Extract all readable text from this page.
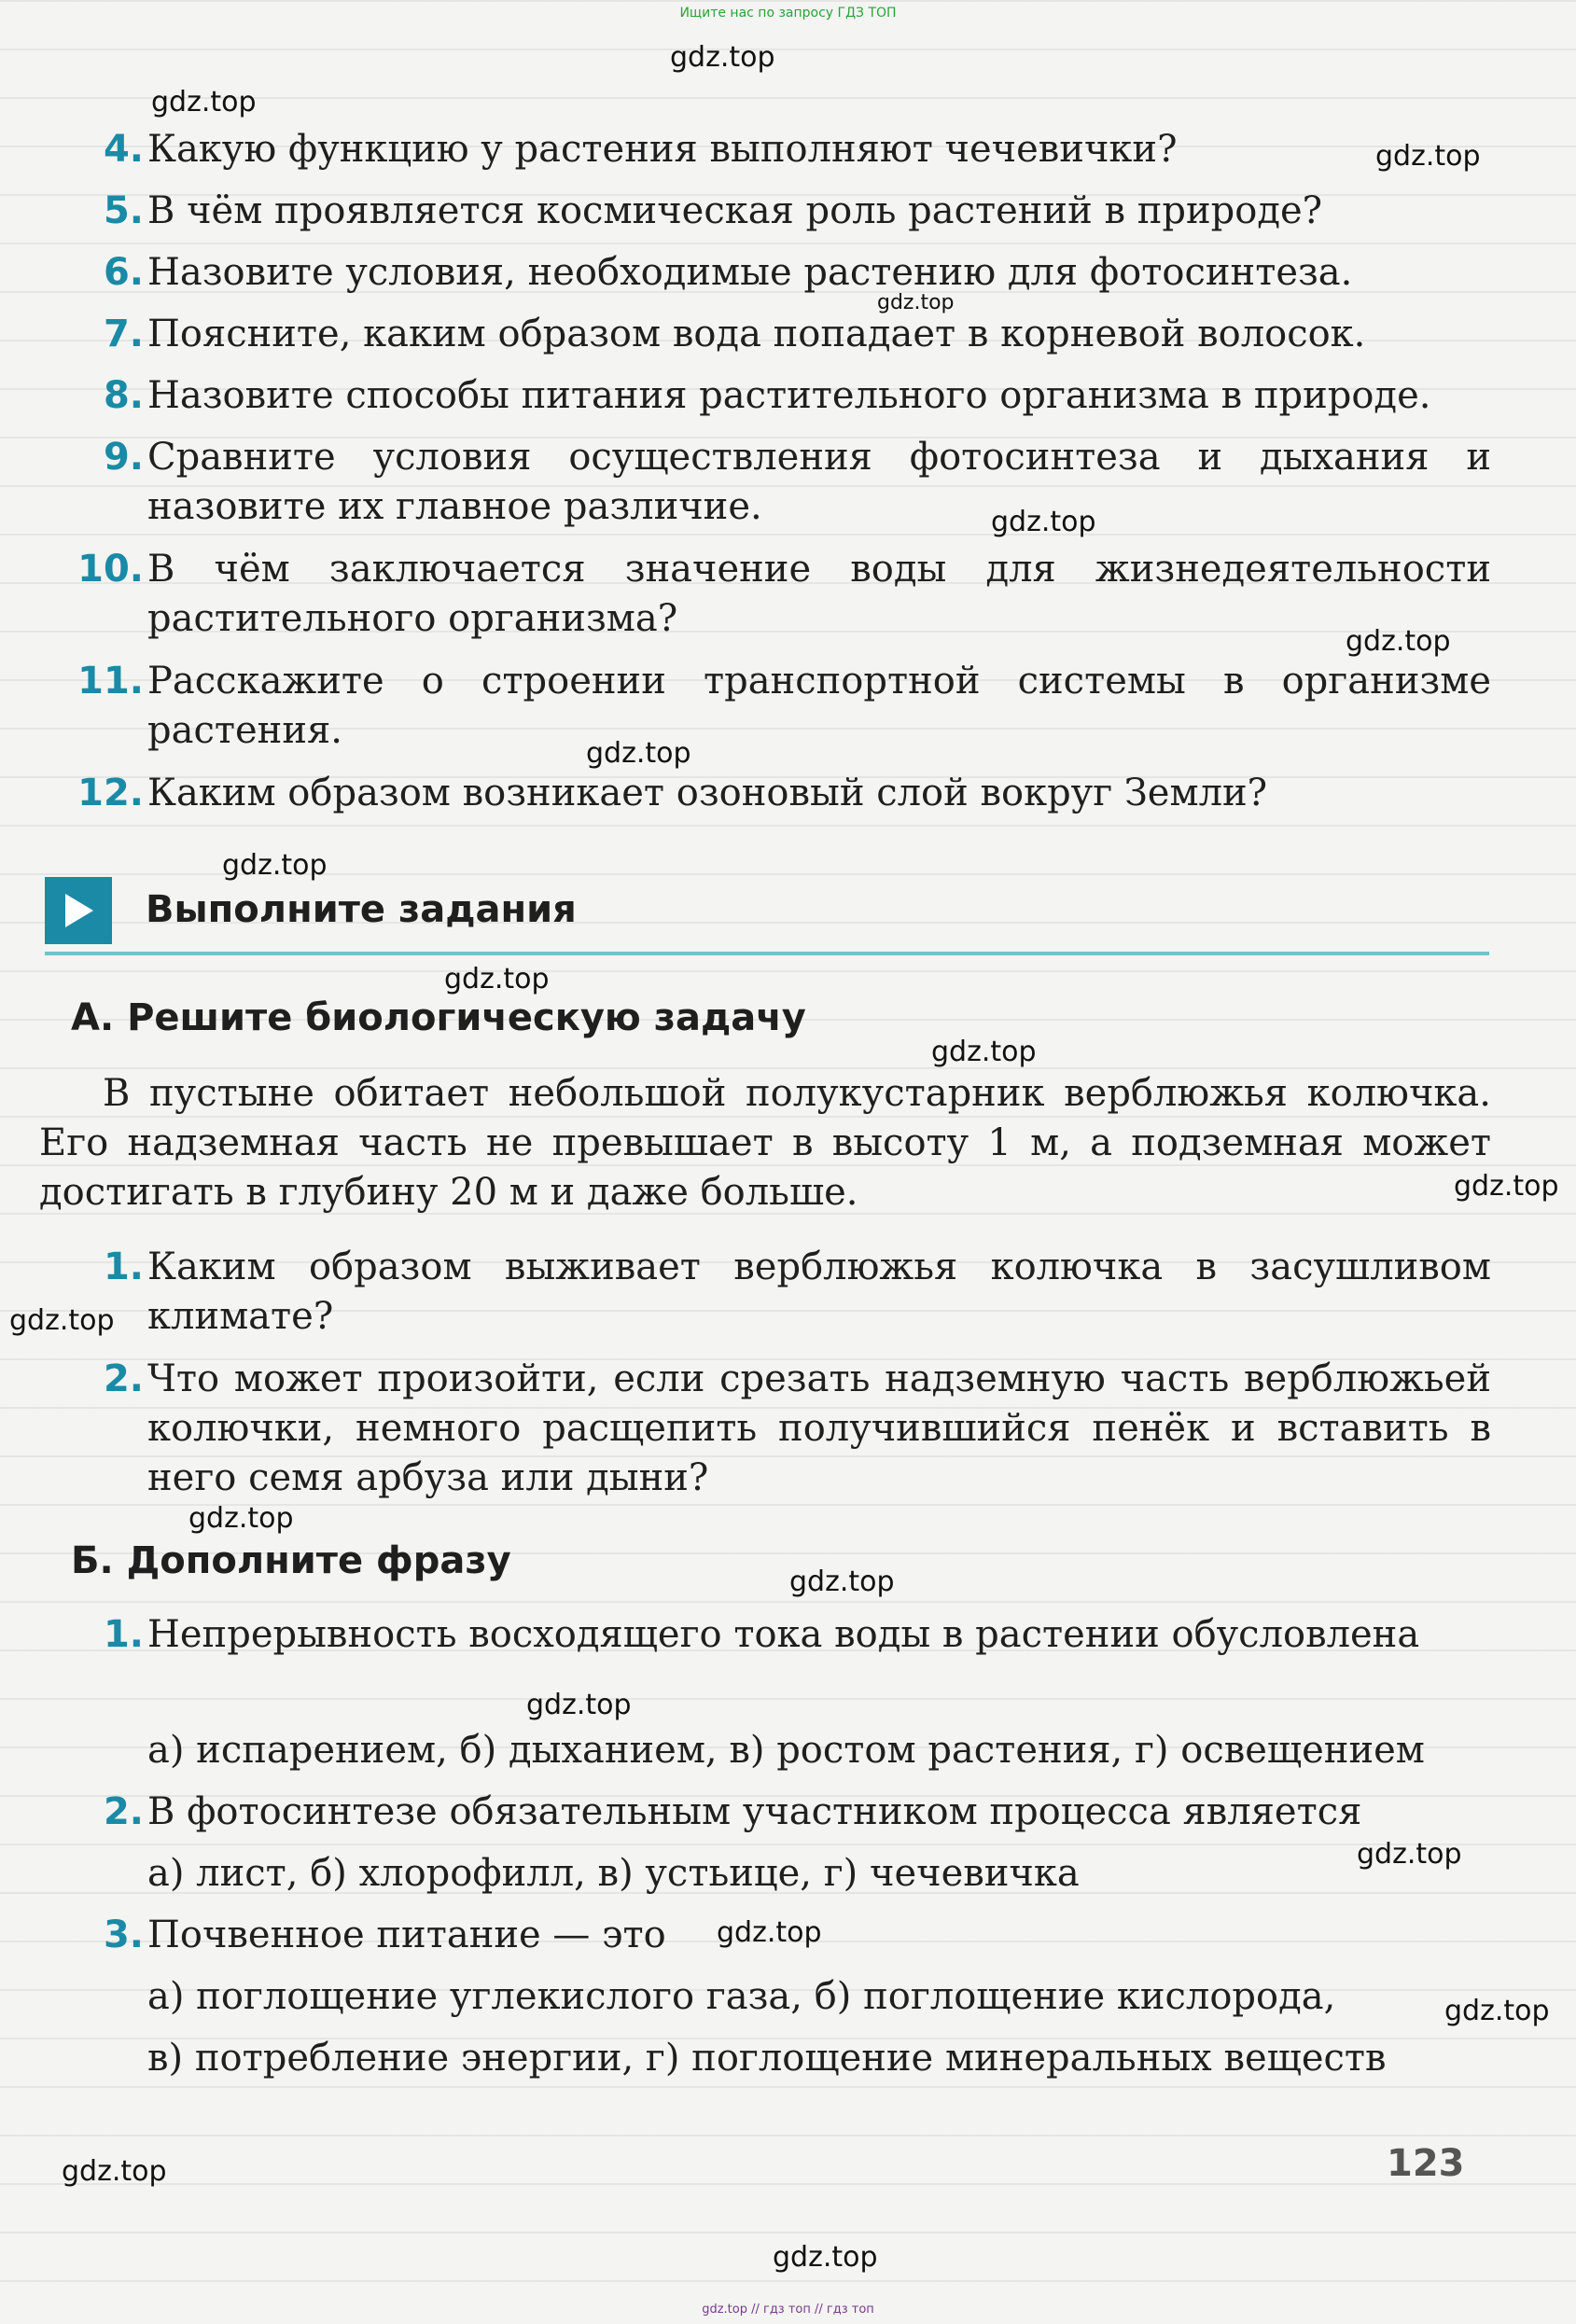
Ищите нас по запросу ГДЗ ТОП
gdz.top
gdz.top
gdz.top
gdz.top
gdz.top
gdz.top
gdz.top
gdz.top
gdz.top
gdz.top
gdz.top
gdz.top
gdz.top
gdz.top
gdz.top
gdz.top
gdz.top
gdz.top
gdz.top
gdz.top
4. Какую функцию у растения выполняют чечевички?
5. В чём проявляется космическая роль растений в природе?
6. Назовите условия, необходимые растению для фотосинтеза.
7. Поясните, каким образом вода попадает в корневой волосок.
8. Назовите способы питания растительного организма в природе.
9. Сравните условия осуществления фотосинтеза и дыхания и назовите их главное различие.
10. В чём заключается значение воды для жизнедеятельности растительного организма?
11. Расскажите о строении транспортной системы в организме растения.
12. Каким образом возникает озоновый слой вокруг Земли?
Выполните задания
А. Решите биологическую задачу
В пустыне обитает небольшой полукустарник верблюжья колючка. Его надземная часть не превышает в высоту 1 м, а подземная может достигать в глубину 20 м и даже больше.
1. Каким образом выживает верблюжья колючка в засушливом климате?
2. Что может произойти, если срезать надземную часть верблюжьей колючки, немного расщепить получившийся пенёк и вставить в него семя арбуза или дыни?
Б. Дополните фразу
1. Непрерывность восходящего тока воды в растении обусловлена
а) испарением, б) дыханием, в) ростом растения, г) освещением
2. В фотосинтезе обязательным участником процесса является
а) лист, б) хлорофилл, в) устьице, г) чечевичка
3. Почвенное питание — это
а) поглощение углекислого газа, б) поглощение кислорода,
в) потребление энергии, г) поглощение минеральных веществ
123
gdz.top // гдз топ // гдз топ
